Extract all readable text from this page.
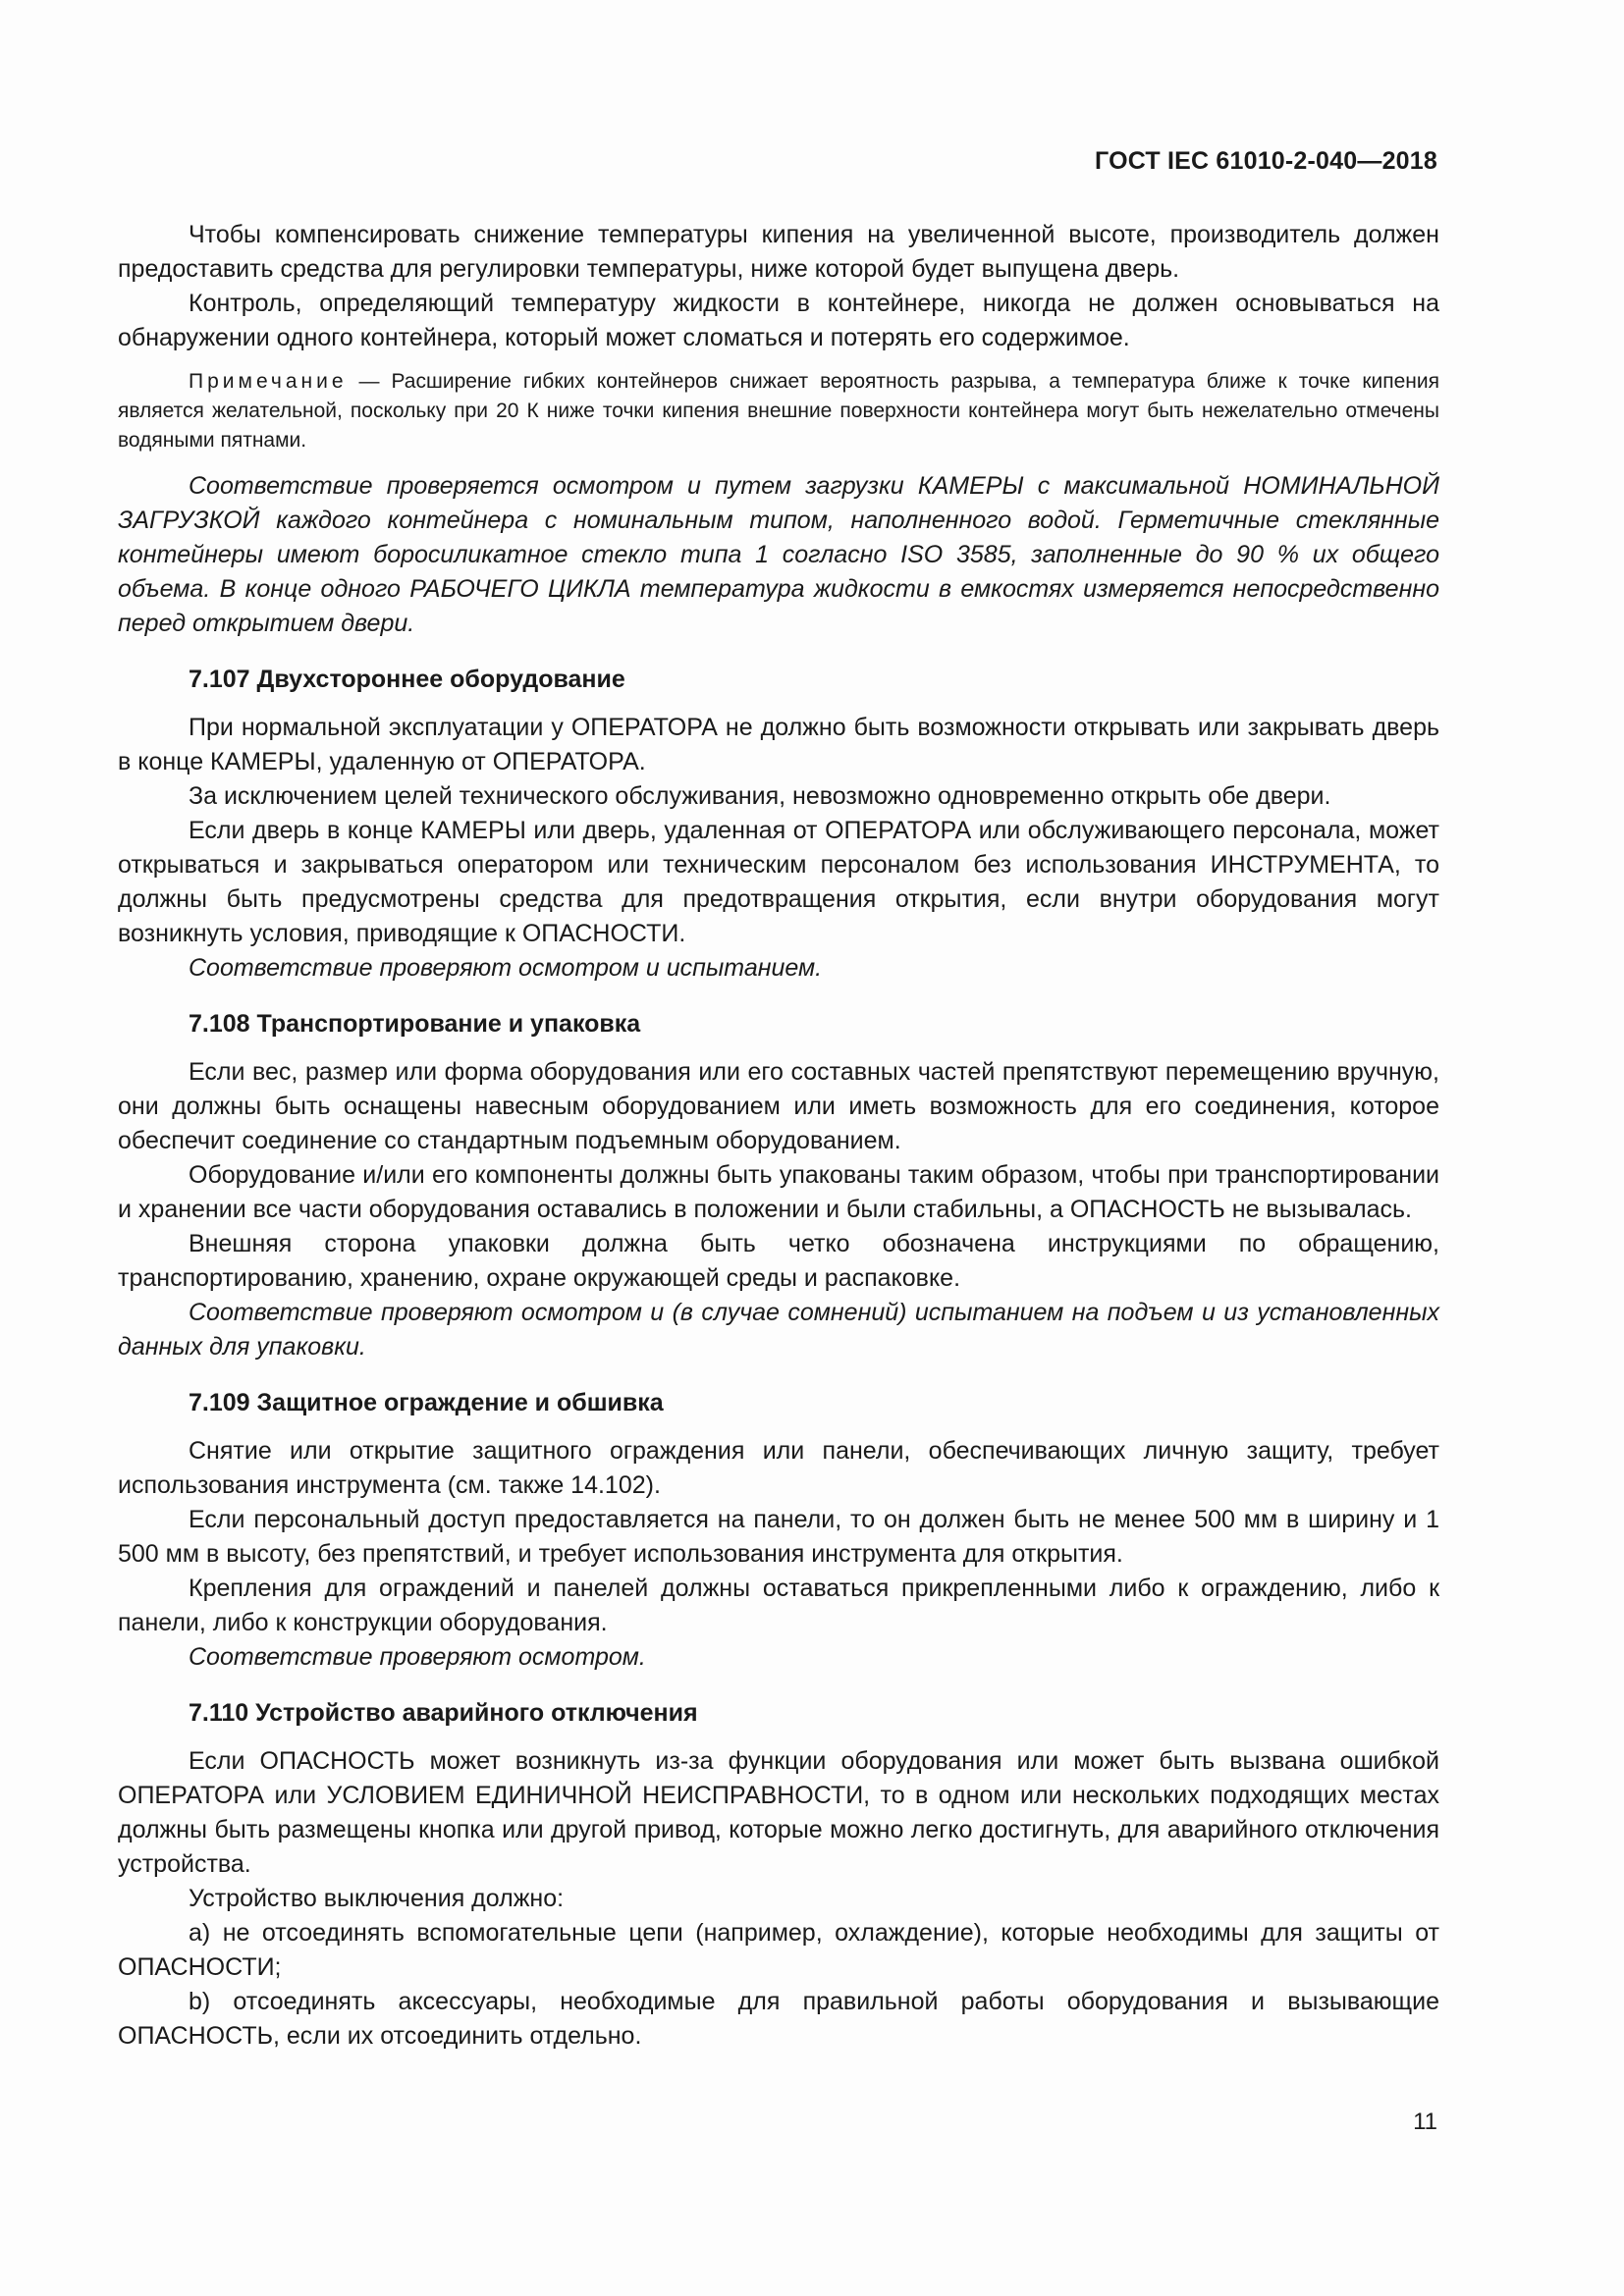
ГОСТ IEC 61010-2-040—2018

Чтобы компенсировать снижение температуры кипения на увеличенной высоте, производитель должен предоставить средства для регулировки температуры, ниже которой будет выпущена дверь.

Контроль, определяющий температуру жидкости в контейнере, никогда не должен основываться на обнаружении одного контейнера, который может сломаться и потерять его содержимое.

Примечание — Расширение гибких контейнеров снижает вероятность разрыва, а температура ближе к точке кипения является желательной, поскольку при 20 К ниже точки кипения внешние поверхности контейнера могут быть нежелательно отмечены водяными пятнами.

Соответствие проверяется осмотром и путем загрузки КАМЕРЫ с максимальной НОМИНАЛЬНОЙ ЗАГРУЗКОЙ каждого контейнера с номинальным типом, наполненного водой. Герметичные стеклянные контейнеры имеют боросиликатное стекло типа 1 согласно ISO 3585, заполненные до 90 % их общего объема. В конце одного РАБОЧЕГО ЦИКЛА температура жидкости в емкостях измеряется непосредственно перед открытием двери.

7.107 Двухстороннее оборудование

При нормальной эксплуатации у ОПЕРАТОРА не должно быть возможности открывать или закрывать дверь в конце КАМЕРЫ, удаленную от ОПЕРАТОРА.

За исключением целей технического обслуживания, невозможно одновременно открыть обе двери.

Если дверь в конце КАМЕРЫ или дверь, удаленная от ОПЕРАТОРА или обслуживающего персонала, может открываться и закрываться оператором или техническим персоналом без использования ИНСТРУМЕНТА, то должны быть предусмотрены средства для предотвращения открытия, если внутри оборудования могут возникнуть условия, приводящие к ОПАСНОСТИ.

Соответствие проверяют осмотром и испытанием.

7.108 Транспортирование и упаковка

Если вес, размер или форма оборудования или его составных частей препятствуют перемещению вручную, они должны быть оснащены навесным оборудованием или иметь возможность для его соединения, которое обеспечит соединение со стандартным подъемным оборудованием.

Оборудование и/или его компоненты должны быть упакованы таким образом, чтобы при транспортировании и хранении все части оборудования оставались в положении и были стабильны, а ОПАСНОСТЬ не вызывалась.

Внешняя сторона упаковки должна быть четко обозначена инструкциями по обращению, транспортированию, хранению, охране окружающей среды и распаковке.

Соответствие проверяют осмотром и (в случае сомнений) испытанием на подъем и из установленных данных для упаковки.

7.109 Защитное ограждение и обшивка

Снятие или открытие защитного ограждения или панели, обеспечивающих личную защиту, требует использования инструмента (см. также 14.102).

Если персональный доступ предоставляется на панели, то он должен быть не менее 500 мм в ширину и 1 500 мм в высоту, без препятствий, и требует использования инструмента для открытия.

Крепления для ограждений и панелей должны оставаться прикрепленными либо к ограждению, либо к панели, либо к конструкции оборудования.

Соответствие проверяют осмотром.

7.110 Устройство аварийного отключения

Если ОПАСНОСТЬ может возникнуть из-за функции оборудования или может быть вызвана ошибкой ОПЕРАТОРА или УСЛОВИЕМ ЕДИНИЧНОЙ НЕИСПРАВНОСТИ, то в одном или нескольких подходящих местах должны быть размещены кнопка или другой привод, которые можно легко достигнуть, для аварийного отключения устройства.

Устройство выключения должно:

а) не отсоединять вспомогательные цепи (например, охлаждение), которые необходимы для защиты от ОПАСНОСТИ;

b) отсоединять аксессуары, необходимые для правильной работы оборудования и вызывающие ОПАСНОСТЬ, если их отсоединить отдельно.

11
